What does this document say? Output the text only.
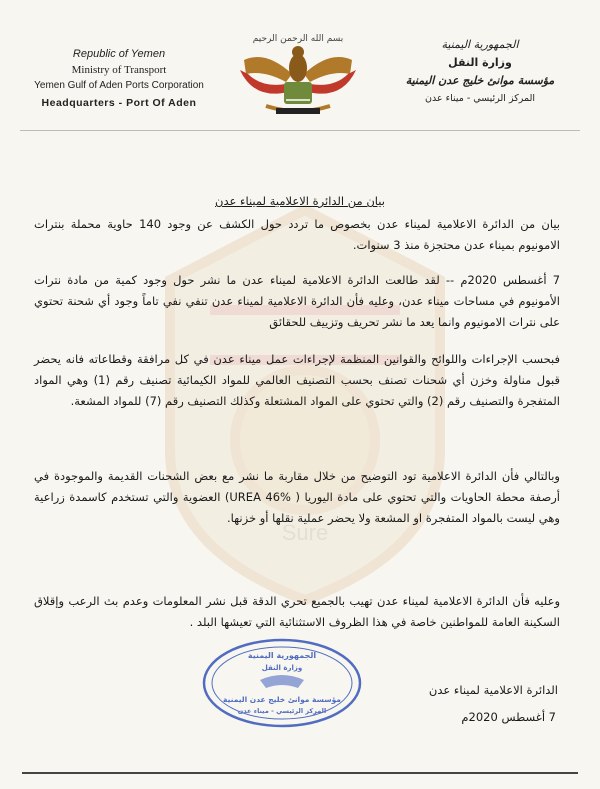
Sure
Republic of Yemen
Ministry of Transport
Yemen Gulf of Aden Ports Corporation
Headquarters - Port Of Aden
بسم الله الرحمن الرحيم	الجمهورية اليمنية
وزارة النقل
مؤسسة موانئ خليج عدن اليمنية
المركز الرئيسي - ميناء عدن
بيان من الدائرة الاعلامية لميناء عدن
بيان من الدائرة الاعلامية لميناء عدن بخصوص ما تردد حول الكشف عن وجود 140 حاوية محملة بنترات الامونيوم بميناء عدن محتجزة منذ 3 سنوات.
7 أغسطس 2020م -- لقد طالعت الدائرة الاعلامية لميناء عدن ما نشر حول وجود كمية من مادة نترات الأمونيوم في مساحات ميناء عدن، وعليه فأن الدائرة الاعلامية لميناء عدن تنفي نفي تاماً وجود أي شحنة تحتوي على نترات الامونيوم وانما يعد ما نشر تحريف وتزييف للحقائق
فبحسب الإجراءات واللوائح والقوانين المنظمة لإجراءات عمل ميناء عدن في كل مرافقة وقطاعاته فانه يحضر قبول مناولة وخزن أي شحنات تصنف بحسب التصنيف العالمي للمواد الكيمائية تصنيف رقم (1) وهي المواد المتفجرة والتصنيف رقم (2) والتي تحتوي على المواد المشتعلة وكذلك التصنيف رقم (7) للمواد المشعة.
وبالتالي فأن الدائرة الاعلامية تود التوضيح من خلال مقاربة ما نشر مع بعض الشحنات القديمة والموجودة في أرصفة محطة الحاويات والتي تحتوي على مادة اليوريا ( UREA 46%) العضوية والتي تستخدم كاسمدة زراعية وهي ليست بالمواد المتفجرة او المشعة ولا يحضر عملية نقلها أو خزنها.
وعليه فأن الدائرة الاعلامية لميناء عدن تهيب بالجميع تحري الدقة قبل نشر المعلومات وعدم بث الرعب وإقلاق السكينة العامة للمواطنين خاصة في هذا الظروف الاستثنائية التي تعيشها البلد .
الجمهورية اليمنية
وزارة النقل
مؤسسة موانئ خليج عدن اليمنية
المركز الرئيسي - ميناء عدن
الدائرة الاعلامية لميناء عدن
7 أغسطس 2020م
